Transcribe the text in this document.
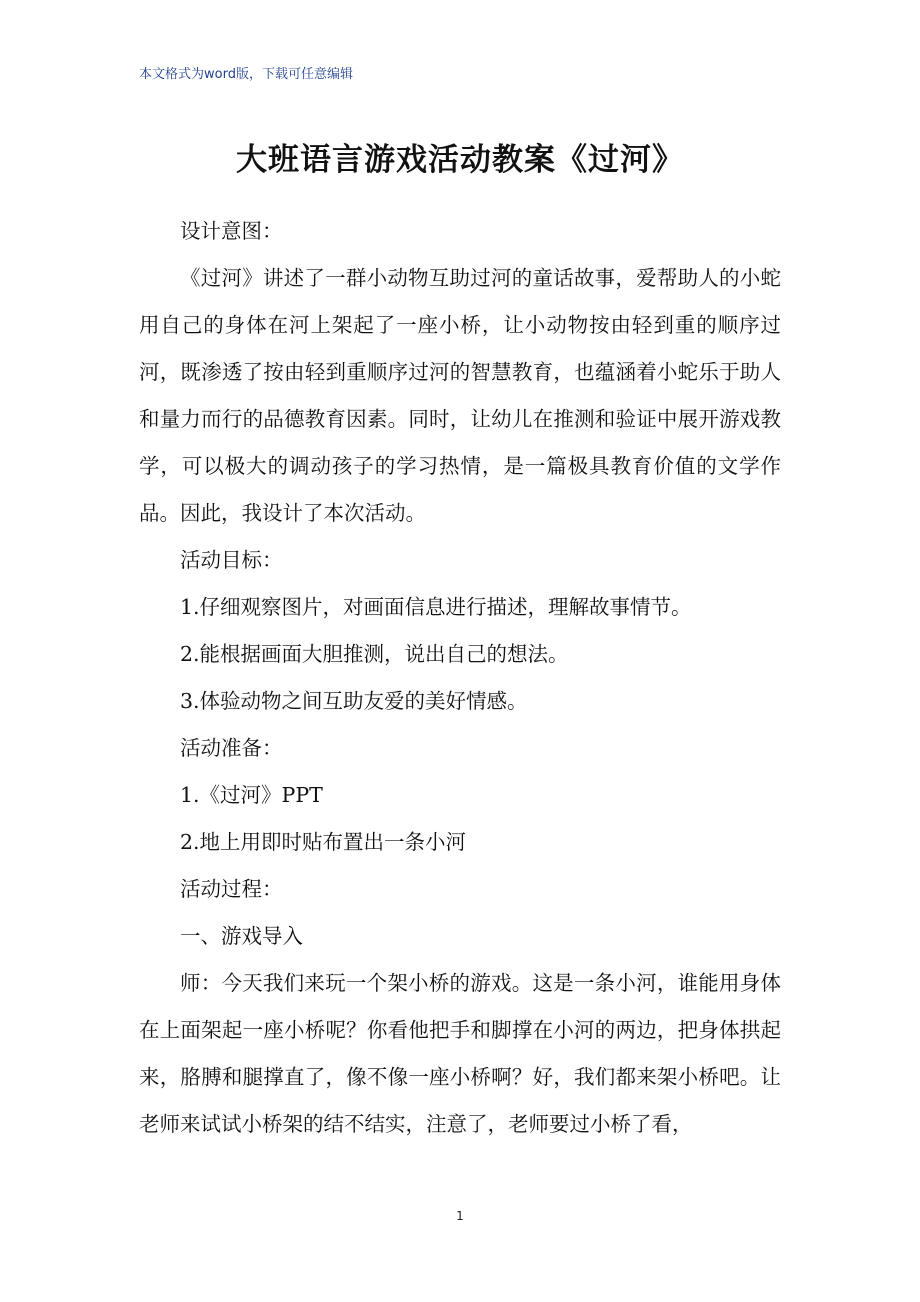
本文格式为word版，下载可任意编辑
大班语言游戏活动教案《过河》

设计意图：

《过河》讲述了一群小动物互助过河的童话故事，爱帮助人的小蛇用自己的身体在河上架起了一座小桥，让小动物按由轻到重的顺序过河，既渗透了按由轻到重顺序过河的智慧教育，也蕴涵着小蛇乐于助人和量力而行的品德教育因素。同时，让幼儿在推测和验证中展开游戏教学，可以极大的调动孩子的学习热情，是一篇极具教育价值的文学作品。因此，我设计了本次活动。

活动目标：

1.仔细观察图片，对画面信息进行描述，理解故事情节。

2.能根据画面大胆推测，说出自己的想法。

3.体验动物之间互助友爱的美好情感。

活动准备：

1.《过河》PPT

2.地上用即时贴布置出一条小河

活动过程：

一、游戏导入

师：今天我们来玩一个架小桥的游戏。这是一条小河，谁能用身体在上面架起一座小桥呢？你看他把手和脚撑在小河的两边，把身体拱起来，胳膊和腿撑直了，像不像一座小桥啊？好，我们都来架小桥吧。让老师来试试小桥架的结不结实，注意了，老师要过小桥了看，

1
